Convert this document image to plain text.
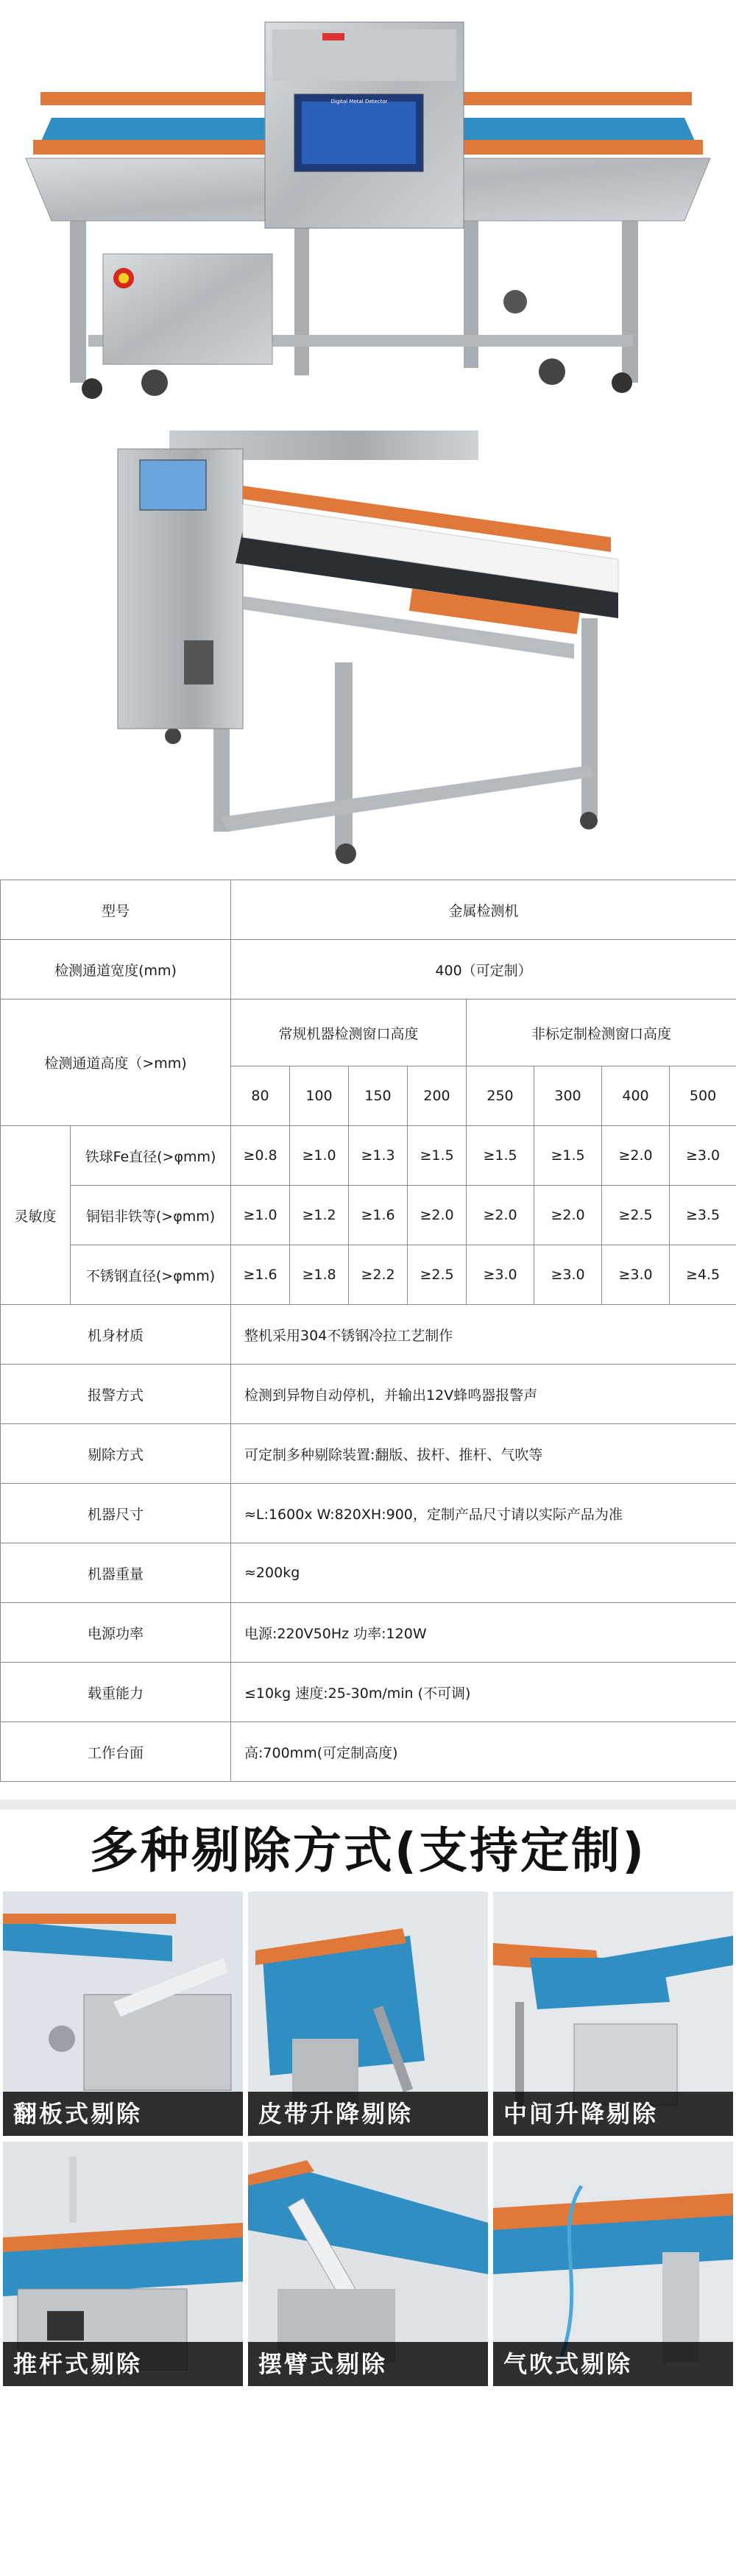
Digital Metal Detector
型号		金属检测机							
检测通道宽度(mm)		400（可定制）							
检测通道高度（>mm)		常规机器检测窗口高度				非标定制检测窗口高度			
		80	100	150	200	250	300	400	500
灵敏度	铁球Fe直径(>φmm)	≥0.8	≥1.0	≥1.3	≥1.5	≥1.5	≥1.5	≥2.0	≥3.0
	铜铝非铁等(>φmm)	≥1.0	≥1.2	≥1.6	≥2.0	≥2.0	≥2.0	≥2.5	≥3.5
	不锈钢直径(>φmm)	≥1.6	≥1.8	≥2.2	≥2.5	≥3.0	≥3.0	≥3.0	≥4.5
机身材质		整机采用304不锈钢冷拉工艺制作							
报警方式		检测到异物自动停机，并输出12V蜂鸣器报警声							
剔除方式		可定制多种剔除装置:翻版、拔杆、推杆、气吹等							
机器尺寸		≈L:1600x W:820XH:900，定制产品尺寸请以实际产品为准							
机器重量		≈200kg							
电源功率		电源:220V50Hz 功率:120W							
载重能力		≤10kg 速度:25-30m/min (不可调)							
工作台面		高:700mm(可定制高度)							
多种剔除方式(支持定制)
翻板式剔除	皮带升降剔除	中间升降剔除
推杆式剔除	摆臂式剔除	气吹式剔除
